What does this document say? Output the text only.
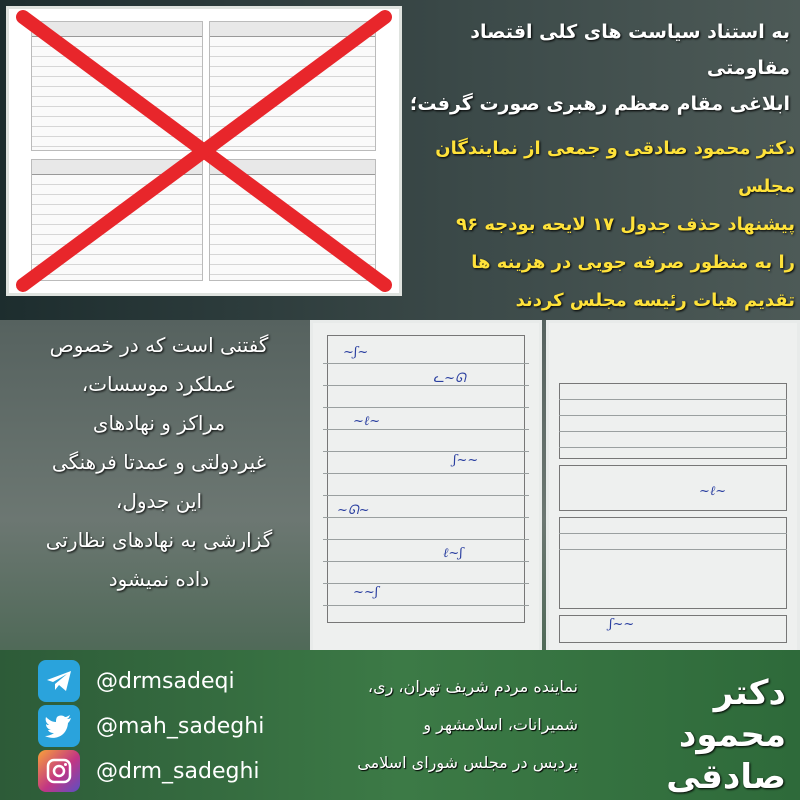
به استناد سیاست های کلی اقتصاد مقاومتی
ابلاغی مقام معظم رهبری صورت گرفت؛
دکتر محمود صادقی و جمعی از نمایندگان مجلس
پیشنهاد حذف جدول ۱۷ لایحه بودجه ۹۶
را به منظور صرفه جویی در هزینه ها
تقدیم هیات رئیسه مجلس کردند
گفتنی است که در خصوص
عملکرد موسسات،
مراکز و نهادهای
غیردولتی و عمدتا فرهنگی
این جدول،
گزارشی به نهادهای نظارتی
داده نمیشود
~ʃ~
ᓚ~ᘏ
~ℓ~
ʃ~~
~ᘏ~
ℓ~ʃ
~~ʃ
~ℓ~
ʃ~~
@drmsadeqi
@mah_sadeghi
@drm_sadeghi
نماینده مردم شریف تهران، ری،
شمیرانات، اسلامشهر و
پردیس در مجلس شورای اسلامی
دکتر
محمود
صادقی
